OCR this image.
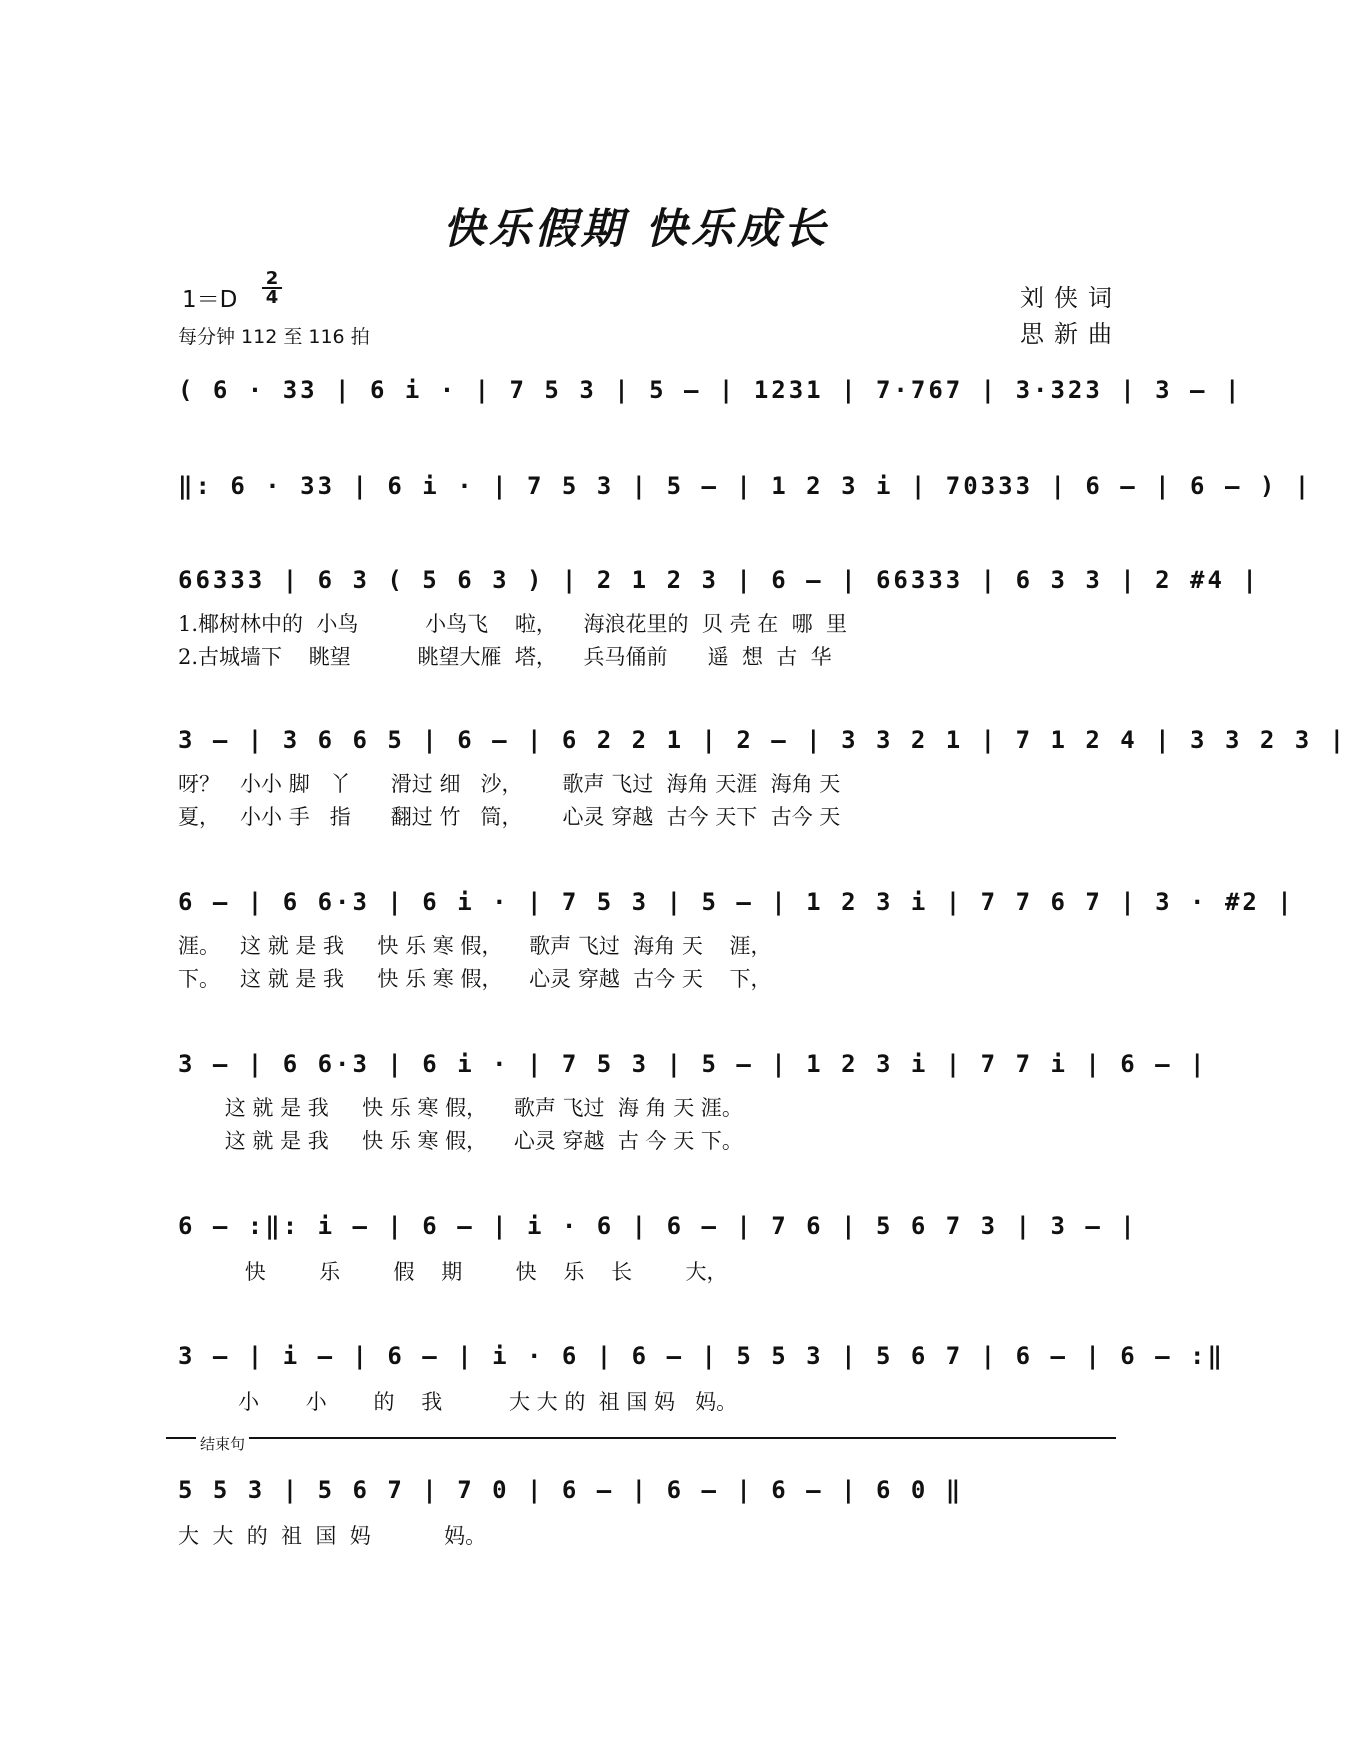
快乐假期 快乐成长
1＝D
2
4
每分钟 112 至 116 拍
刘侠词
思新曲
( 6 · 33 | 6 i · | 7 5 3 | 5 – | 1231 | 7·767 | 3·323 | 3 – |
‖: 6 · 33 | 6 i · | 7 5 3 | 5 – | 1 2 3 i | 70333 | 6 – | 6 – ) |
66333 | 6 3 ( 5 6 3 ) | 2 1 2 3 | 6 – | 66333 | 6 3 3 | 2 #4 |
1.椰树林中的  小鸟          小鸟飞    啦，    海浪花里的  贝 壳 在  哪  里
2.古城墙下    眺望          眺望大雁  塔，    兵马俑前      遥  想  古  华
3 – | 3 6 6 5 | 6 – | 6 2 2 1 | 2 – | 3 3 2 1 | 7 1 2 4 | 3 3 2 3 |
呀？   小小 脚   丫      滑过 细   沙，      歌声 飞过  海角 天涯  海角 天
夏，   小小 手   指      翻过 竹   筒，      心灵 穿越  古今 天下  古今 天
6 – | 6 6·3 | 6 i · | 7 5 3 | 5 – | 1 2 3 i | 7 7 6 7 | 3 · #2 |
涯。   这 就 是 我     快 乐 寒 假，    歌声 飞过  海角 天    涯，
下。   这 就 是 我     快 乐 寒 假，    心灵 穿越  古今 天    下，
3 – | 6 6·3 | 6 i · | 7 5 3 | 5 – | 1 2 3 i | 7 7 i | 6 – |
这 就 是 我     快 乐 寒 假，    歌声 飞过  海 角 天 涯。
这 就 是 我     快 乐 寒 假，    心灵 穿越  古 今 天 下。
6 – :‖: i – | 6 – | i · 6 | 6 – | 7 6 | 5 6 7 3 | 3 – |
快        乐        假    期        快    乐    长        大，
3 – | i – | 6 – | i · 6 | 6 – | 5 5 3 | 5 6 7 | 6 – | 6 – :‖
小       小       的    我          大 大 的  祖 国 妈   妈。
结束句
5 5 3 | 5 6 7 | 7 0 | 6 – | 6 – | 6 – | 6 0 ‖
大  大  的  祖  国  妈           妈。
